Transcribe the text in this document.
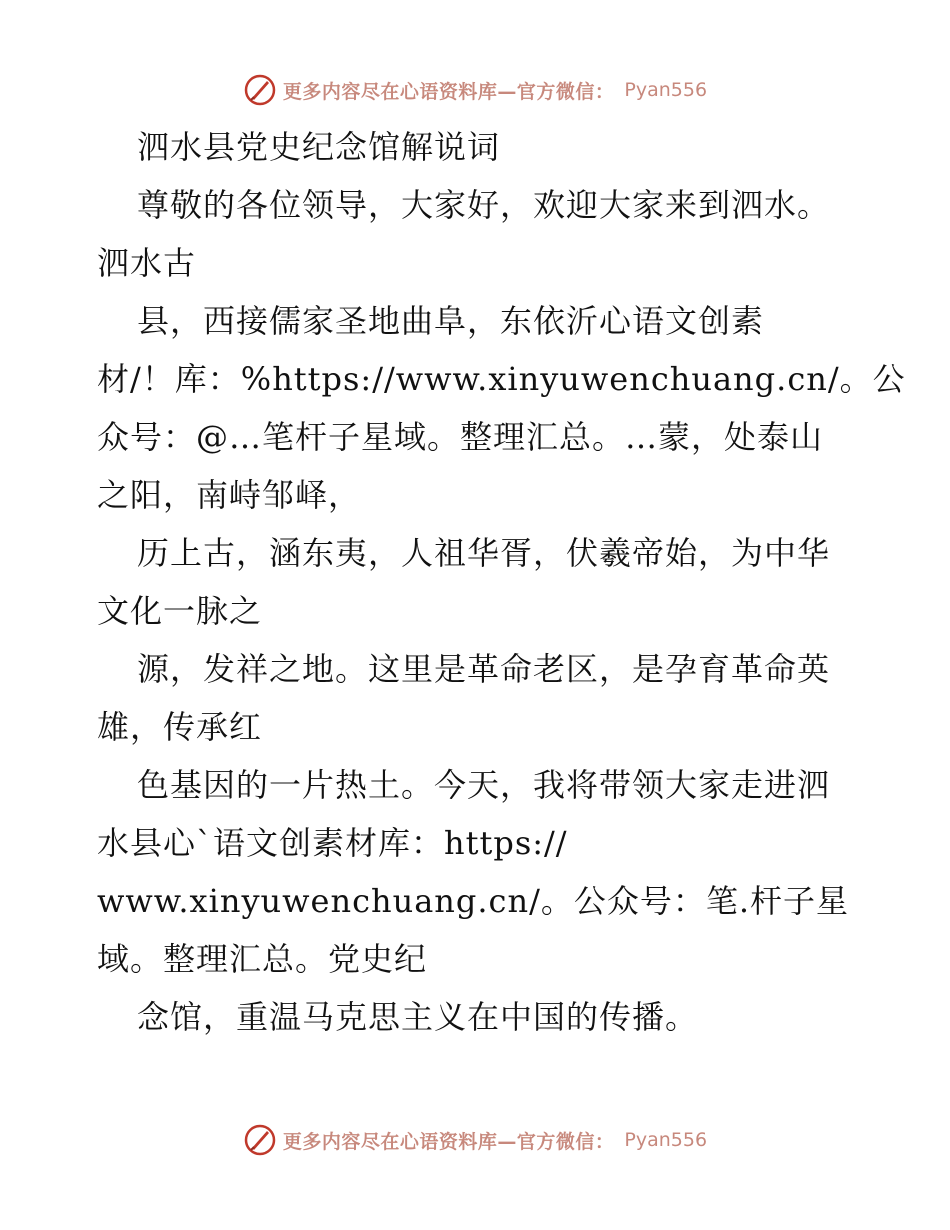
更多内容尽在心语资料库—官方微信： Pyan556
泗水县党史纪念馆解说词
尊敬的各位领导，大家好，欢迎大家来到泗水。
泗水古
县，西接儒家圣地曲阜，东依沂心语文创素
材/！库：%https://www.xinyuwenchuang.cn/。公
众号：@…笔杆子星域。整理汇总。…蒙，处泰山
之阳，南峙邹峄，
历上古，涵东夷，人祖华胥，伏羲帝始，为中华
文化一脉之
源，发祥之地。这里是革命老区，是孕育革命英
雄，传承红
色基因的一片热土。今天，我将带领大家走进泗
水县心`语文创素材库：https://
www.xinyuwenchuang.cn/。公众号：笔.杆子星
域。整理汇总。党史纪
念馆，重温马克思主义在中国的传播。
更多内容尽在心语资料库—官方微信： Pyan556
